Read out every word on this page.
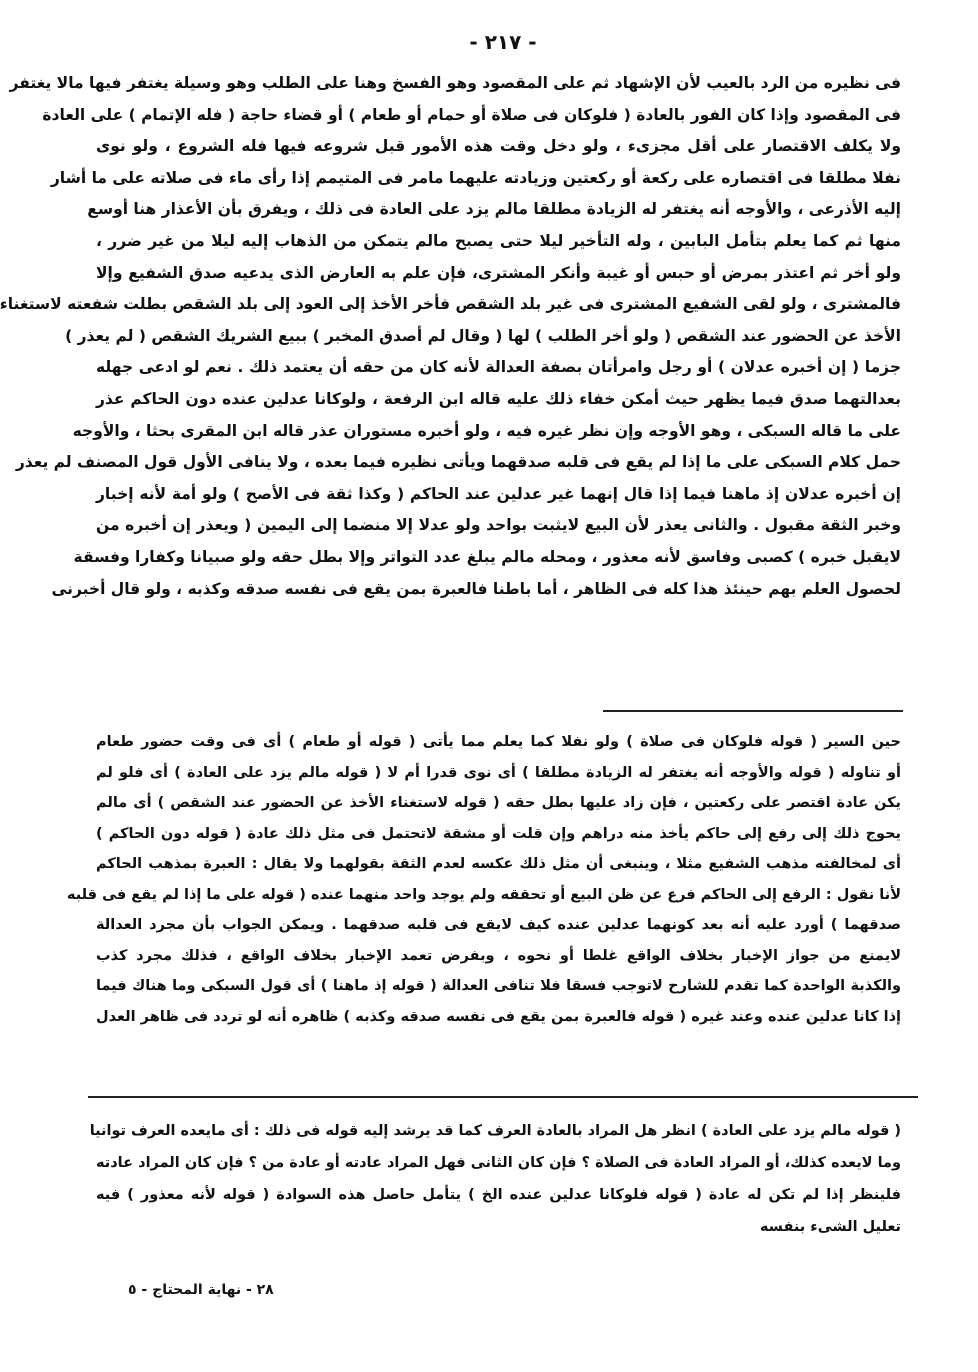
- ٢١٧ -
فى نظيره من الرد بالعيب لأن الإشهاد ثم على المقصود وهو الفسخ وهنا على الطلب وهو وسيلة يغتفر فيها مالا يغتفر
فى المقصود وإذا كان الفور بالعادة ( فلوكان فى صلاة أو حمام أو طعام ) أو قضاء حاجة ( فله الإتمام ) على العادة
ولا يكلف الاقتصار على أقل مجزىء ، ولو دخل وقت هذه الأمور قبل شروعه فيها فله الشروع ، ولو نوى
نفلا مطلقا فى اقتصاره على ركعة أو ركعتين وزيادته عليهما مامر فى المتيمم إذا رأى ماء فى صلاته على ما أشار
إليه الأذرعى ، والأوجه أنه يغتفر له الزيادة مطلقا مالم يزد على العادة فى ذلك ، ويفرق بأن الأعذار هنا أوسع
منها ثم كما يعلم بتأمل البابين ، وله التأخير ليلا حتى يصبح مالم يتمكن من الذهاب إليه ليلا من غير ضرر ،
ولو أخر ثم اعتذر بمرض أو حبس أو غيبة وأنكر المشترى، فإن علم به العارض الذى يدعيه صدق الشفيع وإلا
فالمشترى ، ولو لقى الشفيع المشترى فى غير بلد الشقص فأخر الأخذ إلى العود إلى بلد الشقص بطلت شفعته لاستغناء
الأخذ عن الحضور عند الشقص ( ولو أخر الطلب ) لها ( وقال لم أصدق المخبر ) ببيع الشريك الشقص ( لم يعذر )
جزما ( إن أخبره عدلان ) أو رجل وامرأتان بصفة العدالة لأنه كان من حقه أن يعتمد ذلك . نعم لو ادعى جهله
بعدالتهما صدق فيما يظهر حيث أمكن خفاء ذلك عليه قاله ابن الرفعة ، ولوكانا عدلين عنده دون الحاكم عذر
على ما قاله السبكى ، وهو الأوجه وإن نظر غيره فيه ، ولو أخبره مستوران عذر قاله ابن المقرى بحثا ، والأوجه
حمل كلام السبكى على ما إذا لم يقع فى قلبه صدقهما ويأتى نظيره فيما بعده ، ولا ينافى الأول قول المصنف لم يعذر
إن أخبره عدلان إذ ماهنا فيما إذا قال إنهما غير عدلين عند الحاكم ( وكذا ثقة فى الأصح ) ولو أمة لأنه إخبار
وخبر الثقة مقبول . والثانى يعذر لأن البيع لايثبت بواحد ولو عدلا إلا منضما إلى اليمين ( ويعذر إن أخبره من
لايقبل خبره ) كصبى وفاسق لأنه معذور ، ومحله مالم يبلغ عدد التواتر وإلا بطل حقه ولو صبيانا وكفارا وفسقة
لحصول العلم بهم حينئذ هذا كله فى الظاهر ، أما باطنا فالعبرة بمن يقع فى نفسه صدقه وكذبه ، ولو قال أخبرنى
حين السير ( قوله فلوكان فى صلاة ) ولو نفلا كما يعلم مما يأتى ( قوله أو طعام ) أى فى وقت حضور طعام
أو تناوله ( قوله والأوجه أنه يغتفر له الزيادة مطلقا ) أى نوى قدرا أم لا ( قوله مالم يزد على العادة ) أى فلو لم
يكن عادة اقتصر على ركعتين ، فإن زاد عليها بطل حقه ( قوله لاستغناء الأخذ عن الحضور عند الشقص ) أى مالم
يحوج ذلك إلى رفع إلى حاكم يأخذ منه دراهم وإن قلت أو مشقة لاتحتمل فى مثل ذلك عادة ( قوله دون الحاكم )
أى لمخالفته مذهب الشفيع مثلا ، وينبغى أن مثل ذلك عكسه لعدم الثقة بقولهما ولا يقال : العبرة بمذهب الحاكم
لأنا نقول : الرفع إلى الحاكم فرع عن ظن البيع أو تحققه ولم يوجد واحد منهما عنده ( قوله على ما إذا لم يقع فى قلبه
صدقهما ) أورد عليه أنه بعد كونهما عدلين عنده كيف لايقع فى قلبه صدقهما . ويمكن الجواب بأن مجرد العدالة
لايمنع من جواز الإخبار بخلاف الواقع غلطا أو نحوه ، وبفرض تعمد الإخبار بخلاف الواقع ، فذلك مجرد كذب
والكذبة الواحدة كما تقدم للشارح لاتوجب فسقا فلا تنافى العدالة ( قوله إذ ماهنا ) أى قول السبكى وما هناك فيما
إذا كانا عدلين عنده وعند غيره ( قوله فالعبرة بمن يقع فى نفسه صدقه وكذبه ) ظاهره أنه لو تردد فى ظاهر العدل
( قوله مالم يزد على العادة ) انظر هل المراد بالعادة العرف كما قد يرشد إليه قوله فى ذلك : أى مايعده العرف توانيا
وما لايعده كذلك، أو المراد العادة فى الصلاة ؟ فإن كان الثانى فهل المراد عادته أو عادة من ؟ فإن كان المراد عادته
فلينظر إذا لم تكن له عادة ( قوله فلوكانا عدلين عنده الخ ) يتأمل حاصل هذه السوادة ( قوله لأنه معذور ) فيه
تعليل الشىء بنفسه
٢٨ - نهاية المحتاج - ٥
